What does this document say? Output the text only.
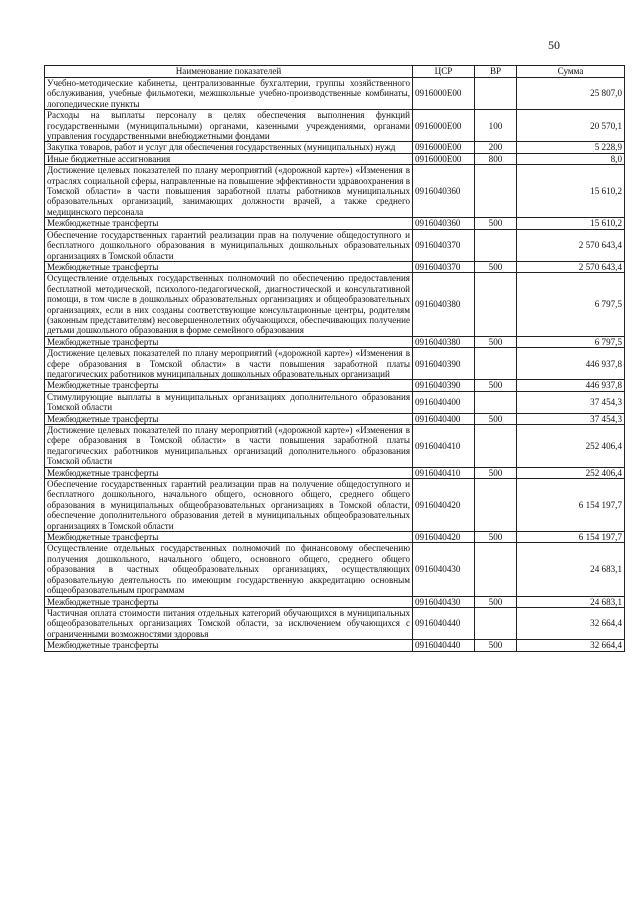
50
Наименование показателей	ЦСР	ВР	Сумма
Учебно-методические кабинеты, централизованные бухгалтерии, группы хозяйственного обслуживания, учебные фильмотеки, межшкольные учебно-производственные комбинаты, логопедические пункты	0916000Е00		25 807,0
Расходы на выплаты персоналу в целях обеспечения выполнения функций государственными (муниципальными) органами, казенными учреждениями, органами управления государственными внебюджетными фондами	0916000Е00	100	20 570,1
Закупка товаров, работ и услуг для обеспечения государственных (муниципальных) нужд	0916000Е00	200	5 228,9
Иные бюджетные ассигнования	0916000Е00	800	8,0
Достижение целевых показателей по плану мероприятий («дорожной карте») «Изменения в отраслях социальной сферы, направленные на повышение эффективности здравоохранения в Томской области» в части повышения заработной платы работников муниципальных образовательных организаций, занимающих должности врачей, а также среднего медицинского персонала	0916040360		15 610,2
Межбюджетные трансферты	0916040360	500	15 610,2
Обеспечение государственных гарантий реализации прав на получение общедоступного и бесплатного дошкольного образования в муниципальных дошкольных образовательных организациях в Томской области	0916040370		2 570 643,4
Межбюджетные трансферты	0916040370	500	2 570 643,4
Осуществление отдельных государственных полномочий по обеспечению предоставления бесплатной методической, психолого-педагогической, диагностической и консультативной помощи, в том числе в дошкольных образовательных организациях и общеобразовательных организациях, если в них созданы соответствующие консультационные центры, родителям (законным представителям) несовершеннолетних обучающихся, обеспечивающих получение детьми дошкольного образования в форме семейного образования	0916040380		6 797,5
Межбюджетные трансферты	0916040380	500	6 797,5
Достижение целевых показателей по плану мероприятий («дорожной карте») «Изменения в сфере образования в Томской области» в части повышения заработной платы педагогических работников муниципальных дошкольных образовательных организаций	0916040390		446 937,8
Межбюджетные трансферты	0916040390	500	446 937,8
Стимулирующие выплаты в муниципальных организациях дополнительного образования Томской области	0916040400		37 454,3
Межбюджетные трансферты	0916040400	500	37 454,3
Достижение целевых показателей по плану мероприятий («дорожной карте») «Изменения в сфере образования в Томской области» в части повышения заработной платы педагогических работников муниципальных организаций дополнительного образования Томской области	0916040410		252 406,4
Межбюджетные трансферты	0916040410	500	252 406,4
Обеспечение государственных гарантий реализации прав на получение общедоступного и бесплатного дошкольного, начального общего, основного общего, среднего общего образования в муниципальных общеобразовательных организациях в Томской области, обеспечение дополнительного образования детей в муниципальных общеобразовательных организациях в Томской области	0916040420		6 154 197,7
Межбюджетные трансферты	0916040420	500	6 154 197,7
Осуществление отдельных государственных полномочий по финансовому обеспечению получения дошкольного, начального общего, основного общего, среднего общего образования в частных общеобразовательных организациях, осуществляющих образовательную деятельность по имеющим государственную аккредитацию основным общеобразовательным программам	0916040430		24 683,1
Межбюджетные трансферты	0916040430	500	24 683,1
Частичная оплата стоимости питания отдельных категорий обучающихся в муниципальных общеобразовательных организациях Томской области, за исключением обучающихся с ограниченными возможностями здоровья	0916040440		32 664,4
Межбюджетные трансферты	0916040440	500	32 664,4
